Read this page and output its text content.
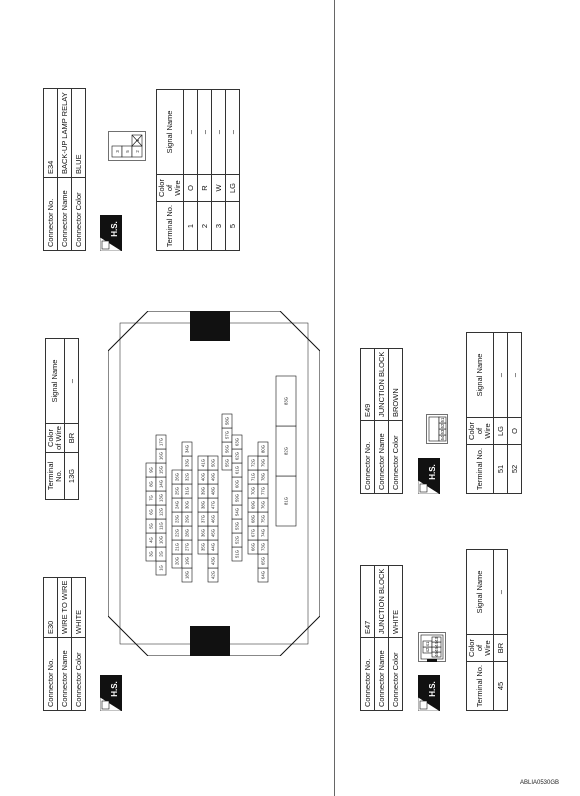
Connector No.	E30
Connector Name	WIRE TO WIRE
Connector Color	WHITE
H.S.
3G
4G
5G
6G
7G
8G
9G
1G
2G
10G
11G
12G
13G
14G
15G
16G
17G
20G
21G
22G
23G
24G
25G
26G
18G
19G
27G
28G
29G
30G
31G
32G
33G
34G
35G
36G
37G
38G
39G
40G
41G
42G
43G
44G
45G
46G
47G
48G
49G
50G 55G
56G
57G
58G
51G
52G
53G
54G
59G
60G
61G
62G
63G
66G
67G
68G
69G
70G
71G
72G
64G
65G
73G
74G
75G
76G
77G
78G
79G
80G
81G
82G
83G
Terminal No.	Color of Wire	Signal Name
13G	BR	–
Connector No.	E47
Connector Name	JUNCTION BLOCK
Connector Color	WHITE
H.S.
42
41
46
45
44
43
Terminal No.	Color of Wire	Signal Name
45	BR	–
Connector No.	E49
Connector Name	JUNCTION BLOCK
Connector Color	BROWN
H.S.
54
53
52
51
Terminal No.	Color of Wire	Signal Name
51	LG	–
52	O	–
Connector No.	E34
Connector Name	BACK-UP LAMP RELAY
Connector Color	BLUE
H.S.
3 5 2
1
Terminal No.	Color of Wire	Signal Name
1	O	–
2	R	–
3	W	–
5	LG	–
ABLIA0530GB
